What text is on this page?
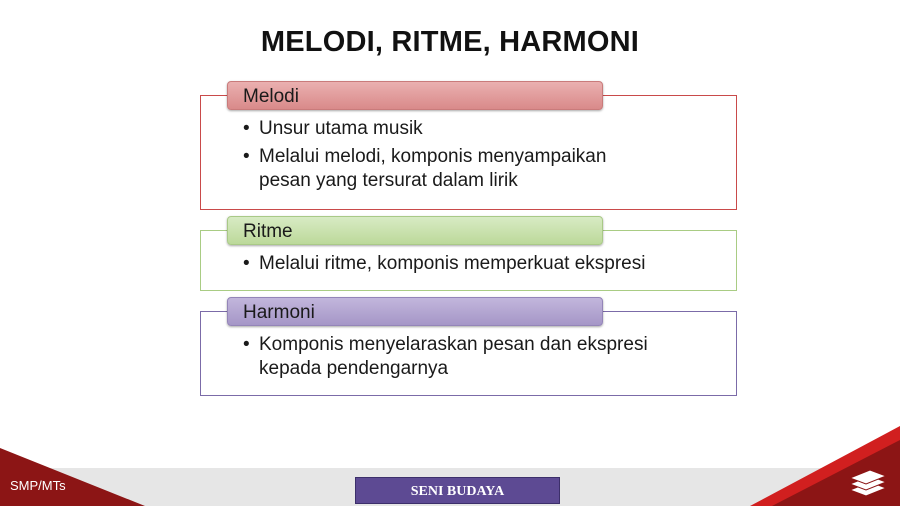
MELODI, RITME, HARMONI
Melodi
• Unsur utama musik
• Melalui melodi, komponis menyampaikan pesan yang tersurat dalam lirik
Ritme
• Melalui ritme, komponis memperkuat ekspresi
Harmoni
• Komponis menyelaraskan pesan dan ekspresi kepada pendengarnya
SMP/MTs	SENI BUDAYA
